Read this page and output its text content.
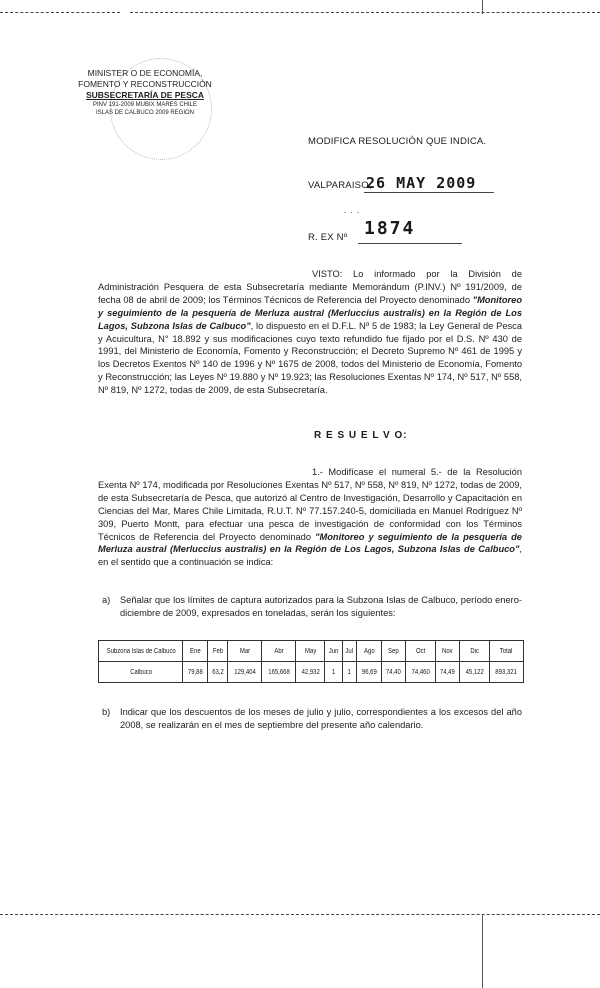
MINISTER O DE ECONOMÍA,
FOMENTO Y RECONSTRUCCIÓN
SUBSECRETARÍA DE PESCA
PINV 191-2009 MUBIX MARES CHILE
ISLAS DE CALBUCO 2009 REGION
MODIFICA RESOLUCIÓN QUE INDICA.
VALPARAISO,
26 MAY 2009
. . .
R. EX Nº 1874
VISTO: Lo informado por la División de Administración Pesquera de esta Subsecretaría mediante Memorándum (P.INV.) Nº 191/2009, de fecha 08 de abril de 2009; los Términos Técnicos de Referencia del Proyecto denominado "Monitoreo y seguimiento de la pesquería de Merluza austral (Merluccius australis) en la Región de Los Lagos, Subzona Islas de Calbuco", lo dispuesto en el D.F.L. Nº 5 de 1983; la Ley General de Pesca y Acuicultura, N° 18.892 y sus modificaciones cuyo texto refundido fue fijado por el D.S. Nº 430 de 1991, del Ministerio de Economía, Fomento y Reconstrucción; el Decreto Supremo Nº 461 de 1995 y los Decretos Exentos Nº 140 de 1996 y Nº 1675 de 2008, todos del Ministerio de Economía, Fomento y Reconstrucción; las Leyes Nº 19.880 y Nº 19.923; las Resoluciones Exentas Nº 174, Nº 517, Nº 558, Nº 819, Nº 1272, todas de 2009, de esta Subsecretaría.
R E S U E L V O:
1.- Modifícase el numeral 5.- de la Resolución Exenta Nº 174, modificada por Resoluciones Exentas Nº 517, Nº 558, Nº 819, Nº 1272, todas de 2009, de esta Subsecretaría de Pesca, que autorizó al Centro de Investigación, Desarrollo y Capacitación en Ciencias del Mar, Mares Chile Limitada, R.U.T. Nº 77.157.240-5, domiciliada en Manuel Rodríguez Nº 309, Puerto Montt, para efectuar una pesca de investigación de conformidad con los Términos Técnicos de Referencia del Proyecto denominado "Monitoreo y seguimiento de la pesquería de Merluza austral (Merluccius australis) en la Región de Los Lagos, Subzona Islas de Calbuco", en el sentido que a continuación se indica:
a) Señalar que los límites de captura autorizados para la Subzona Islas de Calbuco, período enero-diciembre de 2009, expresados en toneladas, serán los siguientes:
Subzona Islas de Calbuco	Ene	Feb	Mar	Abr	May	Jun	Jul	Ago	Sep	Oct	Nov	Dic	Total
Calbuco	79,88	63,2	129,404	165,668	42,932	1	1	96,69	74,40	74,460	74,49	45,122	893,321
b) Indicar que los descuentos de los meses de julio y julio, correspondientes a los excesos del año 2008, se realizarán en el mes de septiembre del presente año calendario.
